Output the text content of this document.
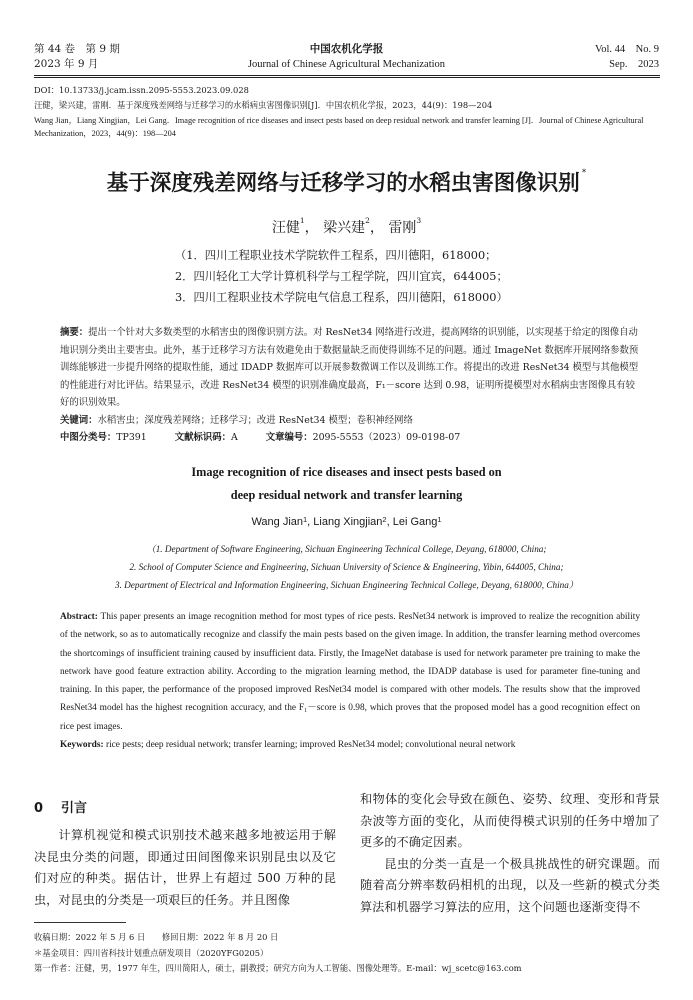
第 44 卷　第 9 期
2023 年 9 月
中国农机化学报
Journal of Chinese Agricultural Mechanization
Vol. 44　No. 9
Sep.　2023
DOI：10.13733/j.jcam.issn.2095-5553.2023.09.028
汪健，梁兴建，雷刚．基于深度残差网络与迁移学习的水稻病虫害图像识别[J]．中国农机化学报，2023，44(9)：198—204
Wang Jian，Liang Xingjian，Lei Gang．Image recognition of rice diseases and insect pests based on deep residual network and transfer learning [J]．Journal of Chinese Agricultural Mechanization，2023，44(9)：198—204
基于深度残差网络与迁移学习的水稻虫害图像识别 *
汪健$^1$， 梁兴建$^2$， 雷刚$^3$
（1．四川工程职业技术学院软件工程系，四川德阳，618000；
2．四川轻化工大学计算机科学与工程学院，四川宜宾，644005；
3．四川工程职业技术学院电气信息工程系，四川德阳，618000）

摘要：提出一个针对大多数类型的水稻害虫的图像识别方法。对 ResNet34 网络进行改进，提高网络的识别能，以实现基于给定的图像自动地识别分类出主要害虫。此外，基于迁移学习方法有效避免由于数据量缺乏而使得训练不足的问题。通过 ImageNet 数据库开展网络参数预训练能够进一步提升网络的提取性能，通过 IDADP 数据库可以开展参数微调工作以及训练工作。将提出的改进 ResNet34 模型与其他模型的性能进行对比评估。结果显示，改进 ResNet34 模型的识别准确度最高，F₁－score 达到 0.98，证明所提模型对水稻病虫害图像具有较好的识别效果。

关键词：水稻害虫；深度残差网络；迁移学习；改进 ResNet34 模型；卷积神经网络

中图分类号：TP391	文献标识码：A	文章编号：2095-5553（2023）09-0198-07

Image recognition of rice diseases and insect pests based on
deep residual network and transfer learning
Wang Jian$^1$, Liang Xingjian$^2$, Lei Gang$^1$
（1. Department of Software Engineering, Sichuan Engineering Technical College, Deyang, 618000, China;
2. School of Computer Science and Engineering, Sichuan University of Science & Engineering, Yibin, 644005, China;
3. Department of Electrical and Information Engineering, Sichuan Engineering Technical College, Deyang, 618000, China）

Abstract: This paper presents an image recognition method for most types of rice pests. ResNet34 network is improved to realize the recognition ability of the network, so as to automatically recognize and classify the main pests based on the given image. In addition, the transfer learning method overcomes the shortcomings of insufficient training caused by insufficient data. Firstly, the ImageNet database is used for network parameter pre training to make the network have good feature extraction ability. According to the migration learning method, the IDADP database is used for parameter fine-tuning and training. In this paper, the performance of the proposed improved ResNet34 model is compared with other models. The results show that the improved ResNet34 model has the highest recognition accuracy, and the F₁－score is 0.98, which proves that the proposed model has a good recognition effect on rice pest images.

Keywords: rice pests; deep residual network; transfer learning; improved ResNet34 model; convolutional neural network

0 引言

计算机视觉和模式识别技术越来越多地被运用于解决昆虫分类的问题，即通过田间图像来识别昆虫以及它们对应的种类。据估计，世界上有超过 500 万种的昆虫，对昆虫的分类是一项艰巨的任务。并且图像

和物体的变化会导致在颜色、姿势、纹理、变形和背景杂波等方面的变化，从而使得模式识别的任务中增加了更多的不确定因素。

昆虫的分类一直是一个极具挑战性的研究课题。而随着高分辨率数码相机的出现，以及一些新的模式分类算法和机器学习算法的应用，这个问题也逐渐变得不

收稿日期：2022 年 5 月 6 日　　修回日期：2022 年 8 月 20 日
＊基金项目：四川省科技计划重点研发项目（2020YFG0205）
第一作者：汪健，男，1977 年生，四川简阳人，硕士，副教授；研究方向为人工智能、图像处理等。E-mail：wj_scetc@163.com
